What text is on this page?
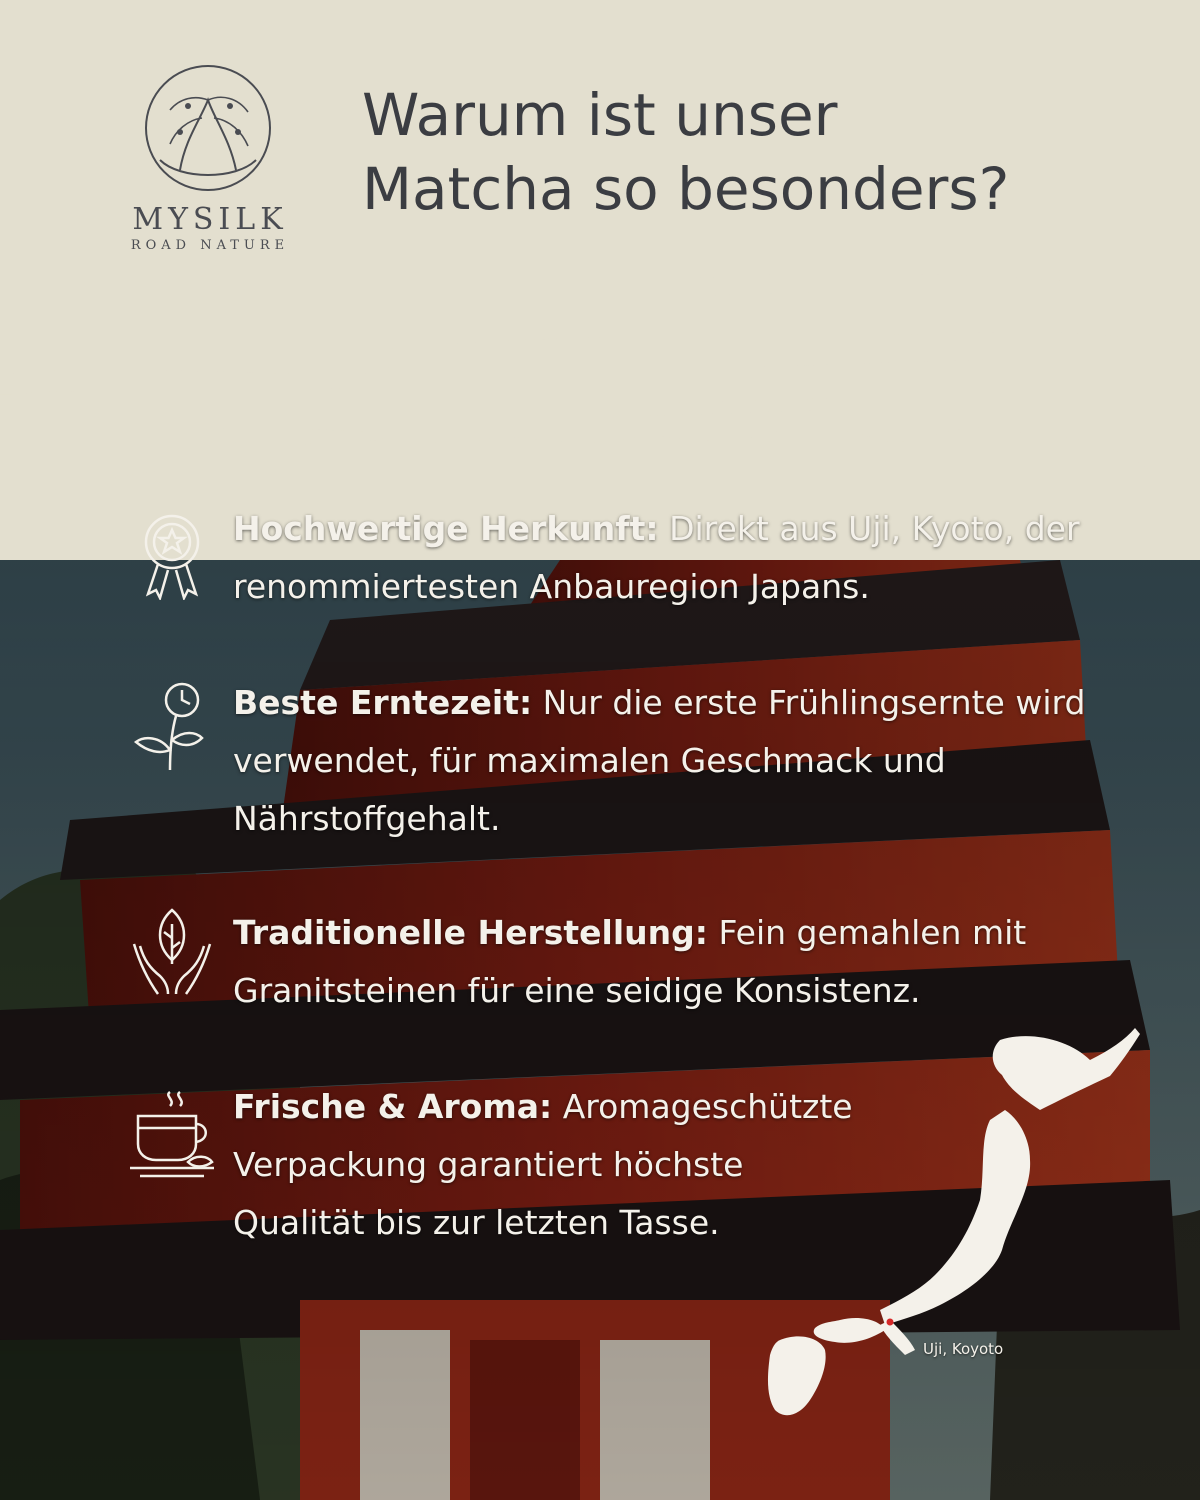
MYSILK
ROAD NATURE
Warum ist unser
Matcha so besonders?
Hochwertige Herkunft: Direkt aus Uji, Kyoto, der renommiertesten Anbauregion Japans.
Beste Erntezeit: Nur die erste Frühlingsernte wird verwendet, für maximalen Geschmack und Nährstoffgehalt.
Traditionelle Herstellung: Fein gemahlen mit Granitsteinen für eine seidige Konsistenz.
Frische & Aroma: Aromageschützte Verpackung garantiert höchste Qualität bis zur letzten Tasse.
Uji, Koyoto
